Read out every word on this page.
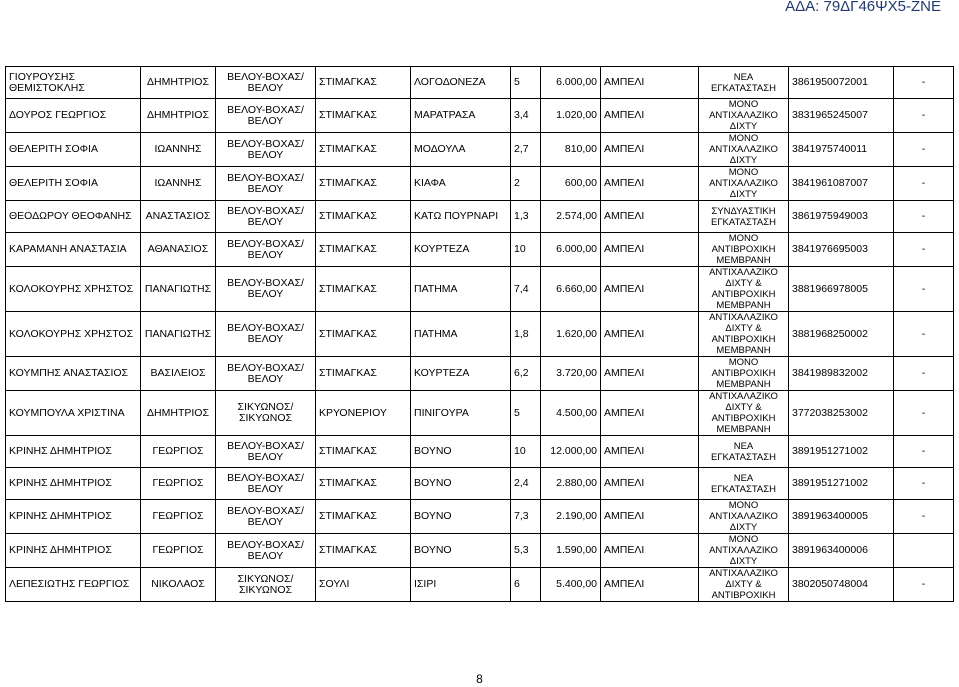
ΑΔΑ: 79ΔΓ46ΨΧ5-ΖΝΕ
ΓΙΟΥΡΟΥΣΗΣ ΘΕΜΙΣΤΟΚΛΗΣ	ΔΗΜΗΤΡΙΟΣ	ΒΕΛΟΥ-ΒΟΧΑΣ/ ΒΕΛΟΥ	ΣΤΙΜΑΓΚΑΣ	ΛΟΓΟΔΟΝΕΖΑ	5	6.000,00	ΑΜΠΕΛΙ	ΝΕΑ ΕΓΚΑΤΑΣΤΑΣΗ	3861950072001	-
ΔΟΥΡΟΣ ΓΕΩΡΓΙΟΣ	ΔΗΜΗΤΡΙΟΣ	ΒΕΛΟΥ-ΒΟΧΑΣ/ ΒΕΛΟΥ	ΣΤΙΜΑΓΚΑΣ	ΜΑΡΑΤΡΑΣΑ	3,4	1.020,00	ΑΜΠΕΛΙ	ΜΟΝΟ ΑΝΤΙΧΑΛΑΖΙΚΟ ΔΙΧΤΥ	3831965245007	-
ΘΕΛΕΡΙΤΗ ΣΟΦΙΑ	ΙΩΑΝΝΗΣ	ΒΕΛΟΥ-ΒΟΧΑΣ/ ΒΕΛΟΥ	ΣΤΙΜΑΓΚΑΣ	ΜΟΔΟΥΛΑ	2,7	810,00	ΑΜΠΕΛΙ	ΜΟΝΟ ΑΝΤΙΧΑΛΑΖΙΚΟ ΔΙΧΤΥ	3841975740011	-
ΘΕΛΕΡΙΤΗ ΣΟΦΙΑ	ΙΩΑΝΝΗΣ	ΒΕΛΟΥ-ΒΟΧΑΣ/ ΒΕΛΟΥ	ΣΤΙΜΑΓΚΑΣ	ΚΙΑΦΑ	2	600,00	ΑΜΠΕΛΙ	ΜΟΝΟ ΑΝΤΙΧΑΛΑΖΙΚΟ ΔΙΧΤΥ	3841961087007	-
ΘΕΟΔΩΡΟΥ ΘΕΟΦΑΝΗΣ	ΑΝΑΣΤΑΣΙΟΣ	ΒΕΛΟΥ-ΒΟΧΑΣ/ ΒΕΛΟΥ	ΣΤΙΜΑΓΚΑΣ	ΚΑΤΩ ΠΟΥΡΝΑΡΙ	1,3	2.574,00	ΑΜΠΕΛΙ	ΣΥΝΔΥΑΣΤΙΚΗ ΕΓΚΑΤΑΣΤΑΣΗ	3861975949003	-
ΚΑΡΑΜΑΝΗ ΑΝΑΣΤΑΣΙΑ	ΑΘΑΝΑΣΙΟΣ	ΒΕΛΟΥ-ΒΟΧΑΣ/ ΒΕΛΟΥ	ΣΤΙΜΑΓΚΑΣ	ΚΟΥΡΤΕΖΑ	10	6.000,00	ΑΜΠΕΛΙ	ΜΟΝΟ ΑΝΤΙΒΡΟΧΙΚΗ ΜΕΜΒΡΑΝΗ	3841976695003	-
ΚΟΛΟΚΟΥΡΗΣ ΧΡΗΣΤΟΣ	ΠΑΝΑΓΙΩΤΗΣ	ΒΕΛΟΥ-ΒΟΧΑΣ/ ΒΕΛΟΥ	ΣΤΙΜΑΓΚΑΣ	ΠΑΤΗΜΑ	7,4	6.660,00	ΑΜΠΕΛΙ	ΑΝΤΙΧΑΛΑΖΙΚΟ ΔΙΧΤΥ & ΑΝΤΙΒΡΟΧΙΚΗ ΜΕΜΒΡΑΝΗ	3881966978005	-
ΚΟΛΟΚΟΥΡΗΣ ΧΡΗΣΤΟΣ	ΠΑΝΑΓΙΩΤΗΣ	ΒΕΛΟΥ-ΒΟΧΑΣ/ ΒΕΛΟΥ	ΣΤΙΜΑΓΚΑΣ	ΠΑΤΗΜΑ	1,8	1.620,00	ΑΜΠΕΛΙ	ΑΝΤΙΧΑΛΑΖΙΚΟ ΔΙΧΤΥ & ΑΝΤΙΒΡΟΧΙΚΗ ΜΕΜΒΡΑΝΗ	3881968250002	-
ΚΟΥΜΠΗΣ ΑΝΑΣΤΑΣΙΟΣ	ΒΑΣΙΛΕΙΟΣ	ΒΕΛΟΥ-ΒΟΧΑΣ/ ΒΕΛΟΥ	ΣΤΙΜΑΓΚΑΣ	ΚΟΥΡΤΕΖΑ	6,2	3.720,00	ΑΜΠΕΛΙ	ΜΟΝΟ ΑΝΤΙΒΡΟΧΙΚΗ ΜΕΜΒΡΑΝΗ	3841989832002	-
ΚΟΥΜΠΟΥΛΑ ΧΡΙΣΤΙΝΑ	ΔΗΜΗΤΡΙΟΣ	ΣΙΚΥΩΝΟΣ/ ΣΙΚΥΩΝΟΣ	ΚΡΥΟΝΕΡΙΟΥ	ΠΙΝΙΓΟΥΡΑ	5	4.500,00	ΑΜΠΕΛΙ	ΑΝΤΙΧΑΛΑΖΙΚΟ ΔΙΧΤΥ & ΑΝΤΙΒΡΟΧΙΚΗ ΜΕΜΒΡΑΝΗ	3772038253002	-
ΚΡΙΝΗΣ ΔΗΜΗΤΡΙΟΣ	ΓΕΩΡΓΙΟΣ	ΒΕΛΟΥ-ΒΟΧΑΣ/ ΒΕΛΟΥ	ΣΤΙΜΑΓΚΑΣ	ΒΟΥΝΟ	10	12.000,00	ΑΜΠΕΛΙ	ΝΕΑ ΕΓΚΑΤΑΣΤΑΣΗ	3891951271002	-
ΚΡΙΝΗΣ ΔΗΜΗΤΡΙΟΣ	ΓΕΩΡΓΙΟΣ	ΒΕΛΟΥ-ΒΟΧΑΣ/ ΒΕΛΟΥ	ΣΤΙΜΑΓΚΑΣ	ΒΟΥΝΟ	2,4	2.880,00	ΑΜΠΕΛΙ	ΝΕΑ ΕΓΚΑΤΑΣΤΑΣΗ	3891951271002	-
ΚΡΙΝΗΣ ΔΗΜΗΤΡΙΟΣ	ΓΕΩΡΓΙΟΣ	ΒΕΛΟΥ-ΒΟΧΑΣ/ ΒΕΛΟΥ	ΣΤΙΜΑΓΚΑΣ	ΒΟΥΝΟ	7,3	2.190,00	ΑΜΠΕΛΙ	ΜΟΝΟ ΑΝΤΙΧΑΛΑΖΙΚΟ ΔΙΧΤΥ	3891963400005	-
ΚΡΙΝΗΣ ΔΗΜΗΤΡΙΟΣ	ΓΕΩΡΓΙΟΣ	ΒΕΛΟΥ-ΒΟΧΑΣ/ ΒΕΛΟΥ	ΣΤΙΜΑΓΚΑΣ	ΒΟΥΝΟ	5,3	1.590,00	ΑΜΠΕΛΙ	ΜΟΝΟ ΑΝΤΙΧΑΛΑΖΙΚΟ ΔΙΧΤΥ	3891963400006	
ΛΕΠΕΣΙΩΤΗΣ ΓΕΩΡΓΙΟΣ	ΝΙΚΟΛΑΟΣ	ΣΙΚΥΩΝΟΣ/ ΣΙΚΥΩΝΟΣ	ΣΟΥΛΙ	ΙΣΙΡΙ	6	5.400,00	ΑΜΠΕΛΙ	ΑΝΤΙΧΑΛΑΖΙΚΟ ΔΙΧΤΥ & ΑΝΤΙΒΡΟΧΙΚΗ	3802050748004	-
8
